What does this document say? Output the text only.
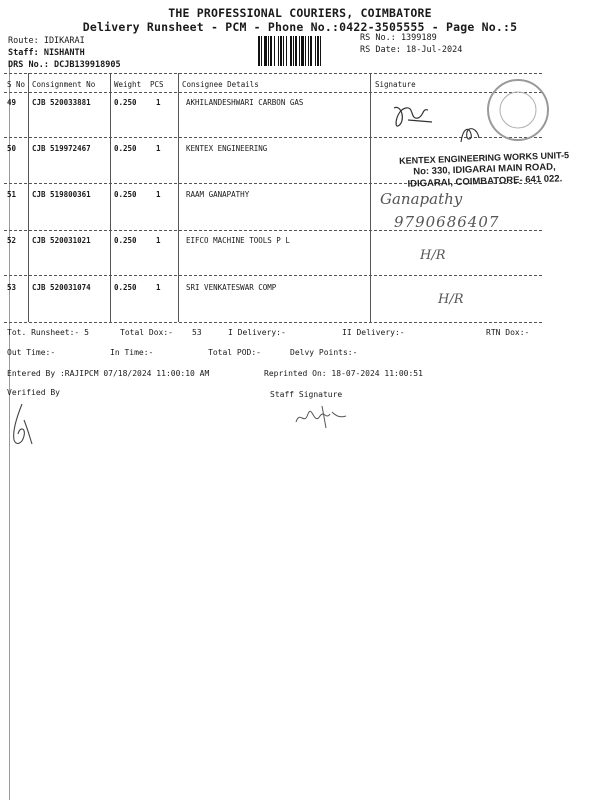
THE PROFESSIONAL COURIERS, COIMBATORE
Delivery Runsheet - PCM - Phone No.:0422-3505555 - Page No.:5
Route: IDIKARAI
Staff: NISHANTH
DRS No.: DCJB139918905
RS No.: 1399189
RS Date: 18-Jul-2024
S No Consignment No	Weight PCS Consignee Details	Signature
49 CJB 520033881	0.250	1	AKHILANDESHWARI CARBON GAS
50 CJB 519972467	0.250	1	KENTEX ENGINEERING
51 CJB 519800361	0.250	1	RAAM GANAPATHY
52 CJB 520031021	0.250	1	EIFCO MACHINE TOOLS P L
53 CJB 520031074	0.250	1	SRI VENKATESWAR COMP
KENTEX ENGINEERING WORKS UNIT-5
No: 330, IDIGARAI MAIN ROAD,
IDIGARAI, COIMBATORE- 641 022.
Ganapathy
9790686407
H/R
H/R
Tot. Runsheet:- 5	Total Dox:- 53	I Delivery:-	II Delivery:-	RTN Dox:-
Out Time:-	In Time:-	Total POD:-	Delvy Points:-
Entered By :RAJIPCM 07/18/2024 11:00:10 AM	Reprinted On: 18-07-2024 11:00:51
Verified By	Staff Signature
